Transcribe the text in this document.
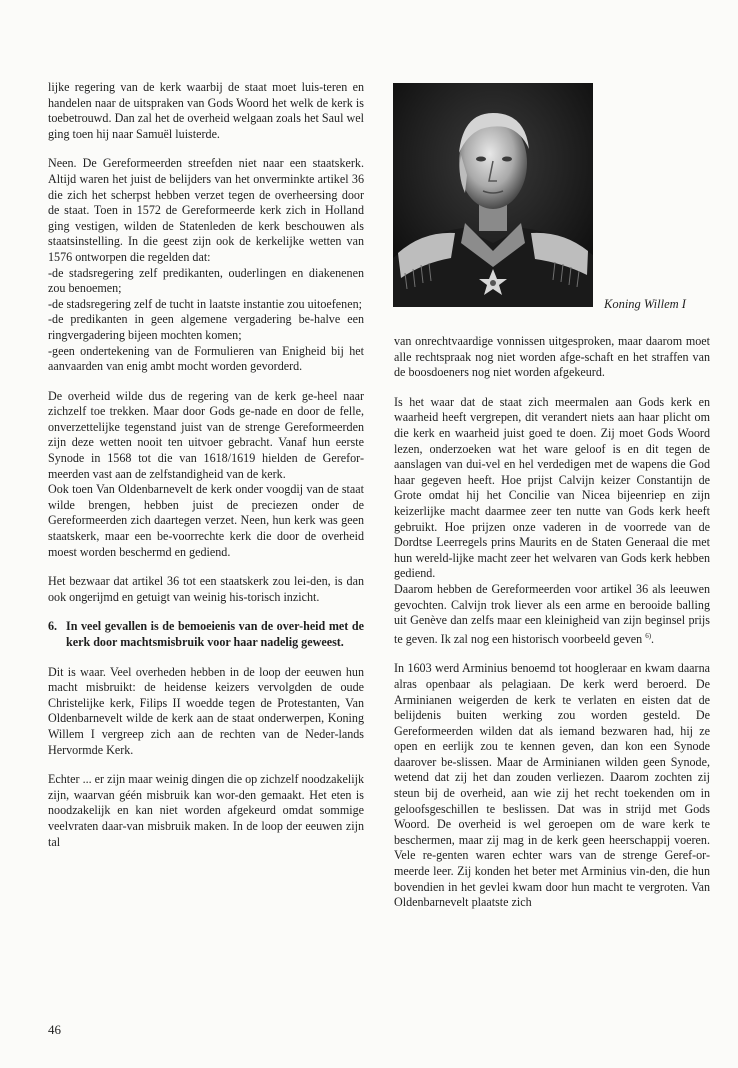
lijke regering van de kerk waarbij de staat moet luis-teren en handelen naar de uitspraken van Gods Woord het welk de kerk is toebetrouwd. Dan zal het de overheid welgaan zoals het Saul wel ging toen hij naar Samuël luisterde.

Neen. De Gereformeerden streefden niet naar een staatskerk. Altijd waren het juist de belijders van het onverminkte artikel 36 die zich het scherpst hebben verzet tegen de overheersing door de staat. Toen in 1572 de Gereformeerde kerk zich in Holland ging vestigen, wilden de Statenleden de kerk beschouwen als staatsinstelling. In die geest zijn ook de kerkelijke wetten van 1576 ontworpen die regelden dat:

-de stadsregering zelf predikanten, ouderlingen en diakenenen zou benoemen;

-de stadsregering zelf de tucht in laatste instantie zou uitoefenen;

-de predikanten in geen algemene vergadering be-halve een ringvergadering bijeen mochten komen;

-geen ondertekening van de Formulieren van Enigheid bij het aanvaarden van enig ambt mocht worden gevorderd.

De overheid wilde dus de regering van de kerk ge-heel naar zichzelf toe trekken. Maar door Gods ge-nade en door de felle, onverzettelijke tegenstand juist van de strenge Gereformeerden zijn deze wetten nooit ten uitvoer gebracht. Vanaf hun eerste Synode in 1568 tot die van 1618/1619 hielden de Gerefor-meerden vast aan de zelfstandigheid van de kerk.

Ook toen Van Oldenbarnevelt de kerk onder voogdij van de staat wilde brengen, hebben juist de preciezen onder de Gereformeerden zich daartegen verzet. Neen, hun kerk was geen staatskerk, maar een be-voorrechte kerk die door de overheid moest worden beschermd en gediend.

Het bezwaar dat artikel 36 tot een staatskerk zou lei-den, is dan ook ongerijmd en getuigt van weinig his-torisch inzicht.

6. In veel gevallen is de bemoeienis van de over-heid met de kerk door machtsmisbruik voor haar nadelig geweest.

Dit is waar. Veel overheden hebben in de loop der eeuwen hun macht misbruikt: de heidense keizers vervolgden de oude Christelijke kerk, Filips II woedde tegen de Protestanten, Van Oldenbarnevelt wilde de kerk aan de staat onderwerpen, Koning Willem I vergreep zich aan de rechten van de Neder-lands Hervormde Kerk.

Echter ... er zijn maar weinig dingen die op zichzelf noodzakelijk zijn, waarvan géén misbruik kan wor-den gemaakt. Het eten is noodzakelijk en kan niet worden afgekeurd omdat sommige veelvraten daar-van misbruik maken. In de loop der eeuwen zijn tal

Koning Willem I

van onrechtvaardige vonnissen uitgesproken, maar daarom moet alle rechtspraak nog niet worden afge-schaft en het straffen van de boosdoeners nog niet worden afgekeurd.

Is het waar dat de staat zich meermalen aan Gods kerk en waarheid heeft vergrepen, dit verandert niets aan haar plicht om die kerk en waarheid juist goed te doen. Zij moet Gods Woord lezen, onderzoeken wat het ware geloof is en dit tegen de aanslagen van dui-vel en hel verdedigen met de wapens die God haar gegeven heeft. Hoe prijst Calvijn keizer Constantijn de Grote omdat hij het Concilie van Nicea bijeenriep en zijn keizerlijke macht daarmee zeer ten nutte van Gods kerk heeft gebruikt. Hoe prijzen onze vaderen in de voorrede van de Dordtse Leerregels prins Maurits en de Staten Generaal die met hun wereld-lijke macht zeer het welvaren van Gods kerk hebben gediend.

Daarom hebben de Gereformeerden voor artikel 36 als leeuwen gevochten. Calvijn trok liever als een arme en berooide balling uit Genève dan zelfs maar een kleinigheid van zijn beginsel prijs te geven. Ik zal nog een historisch voorbeeld geven $^{6)}$.

In 1603 werd Arminius benoemd tot hoogleraar en kwam daarna alras openbaar als pelagiaan. De kerk werd beroerd. De Arminianen weigerden de kerk te verlaten en eisten dat de belijdenis buiten werking zou worden gesteld. De Gereformeerden wilden dat als iemand bezwaren had, hij ze open en eerlijk zou te kennen geven, dan kon een Synode daarover be-slissen. Maar de Arminianen wilden geen Synode, wetend dat zij het dan zouden verliezen. Daarom zochten zij steun bij de overheid, aan wie zij het recht toekenden om in geloofsgeschillen te beslissen. Dat was in strijd met Gods Woord. De overheid is wel geroepen om de ware kerk te beschermen, maar zij mag in de kerk geen heerschappij voeren. Vele re-genten waren echter wars van de strenge Geref-or-meerde leer. Zij konden het beter met Arminius vin-den, die hun bovendien in het gevlei kwam door hun macht te vergroten. Van Oldenbarnevelt plaatste zich

46
